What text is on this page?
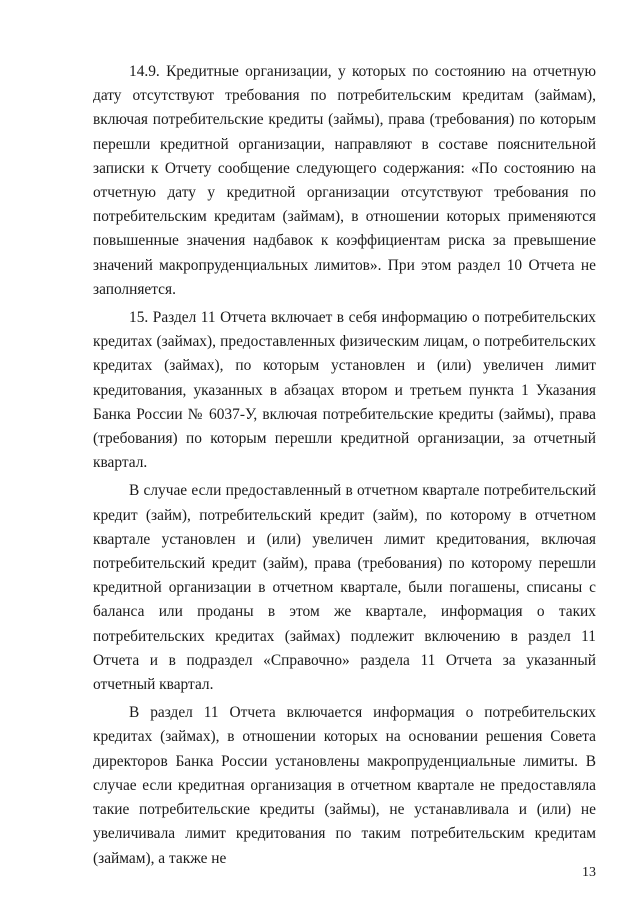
14.9. Кредитные организации, у которых по состоянию на отчетную дату отсутствуют требования по потребительским кредитам (займам), включая потребительские кредиты (займы), права (требования) по которым перешли кредитной организации, направляют в составе пояснительной записки к Отчету сообщение следующего содержания: «По состоянию на отчетную дату у кредитной организации отсутствуют требования по потребительским кредитам (займам), в отношении которых применяются повышенные значения надбавок к коэффициентам риска за превышение значений макропруденциальных лимитов». При этом раздел 10 Отчета не заполняется.

15. Раздел 11 Отчета включает в себя информацию о потребительских кредитах (займах), предоставленных физическим лицам, о потребительских кредитах (займах), по которым установлен и (или) увеличен лимит кредитования, указанных в абзацах втором и третьем пункта 1 Указания Банка России № 6037-У, включая потребительские кредиты (займы), права (требования) по которым перешли кредитной организации, за отчетный квартал.

В случае если предоставленный в отчетном квартале потребительский кредит (займ), потребительский кредит (займ), по которому в отчетном квартале установлен и (или) увеличен лимит кредитования, включая потребительский кредит (займ), права (требования) по которому перешли кредитной организации в отчетном квартале, были погашены, списаны с баланса или проданы в этом же квартале, информация о таких потребительских кредитах (займах) подлежит включению в раздел 11 Отчета и в подраздел «Справочно» раздела 11 Отчета за указанный отчетный квартал.

В раздел 11 Отчета включается информация о потребительских кредитах (займах), в отношении которых на основании решения Совета директоров Банка России установлены макропруденциальные лимиты. В случае если кредитная организация в отчетном квартале не предоставляла такие потребительские кредиты (займы), не устанавливала и (или) не увеличивала лимит кредитования по таким потребительским кредитам (займам), а также не

13
